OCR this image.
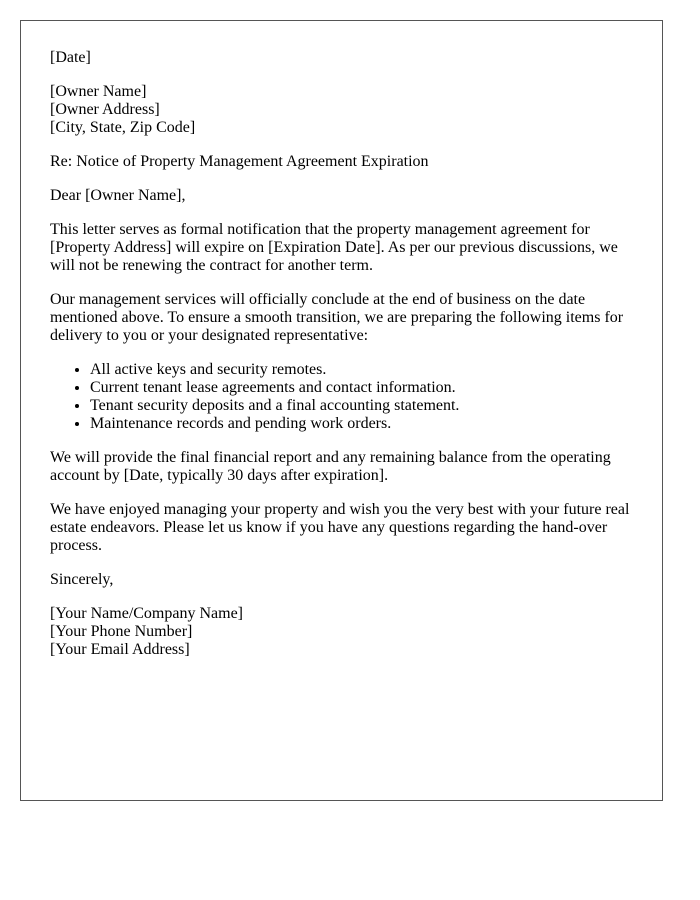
[Date]

[Owner Name]
[Owner Address]
[City, State, Zip Code]

Re: Notice of Property Management Agreement Expiration

Dear [Owner Name],

This letter serves as formal notification that the property management agreement for [Property Address] will expire on [Expiration Date]. As per our previous discussions, we will not be renewing the contract for another term.

Our management services will officially conclude at the end of business on the date mentioned above. To ensure a smooth transition, we are preparing the following items for delivery to you or your designated representative:

• All active keys and security remotes.
• Current tenant lease agreements and contact information.
• Tenant security deposits and a final accounting statement.
• Maintenance records and pending work orders.

We will provide the final financial report and any remaining balance from the operating account by [Date, typically 30 days after expiration].

We have enjoyed managing your property and wish you the very best with your future real estate endeavors. Please let us know if you have any questions regarding the hand-over process.

Sincerely,

[Your Name/Company Name]
[Your Phone Number]
[Your Email Address]
